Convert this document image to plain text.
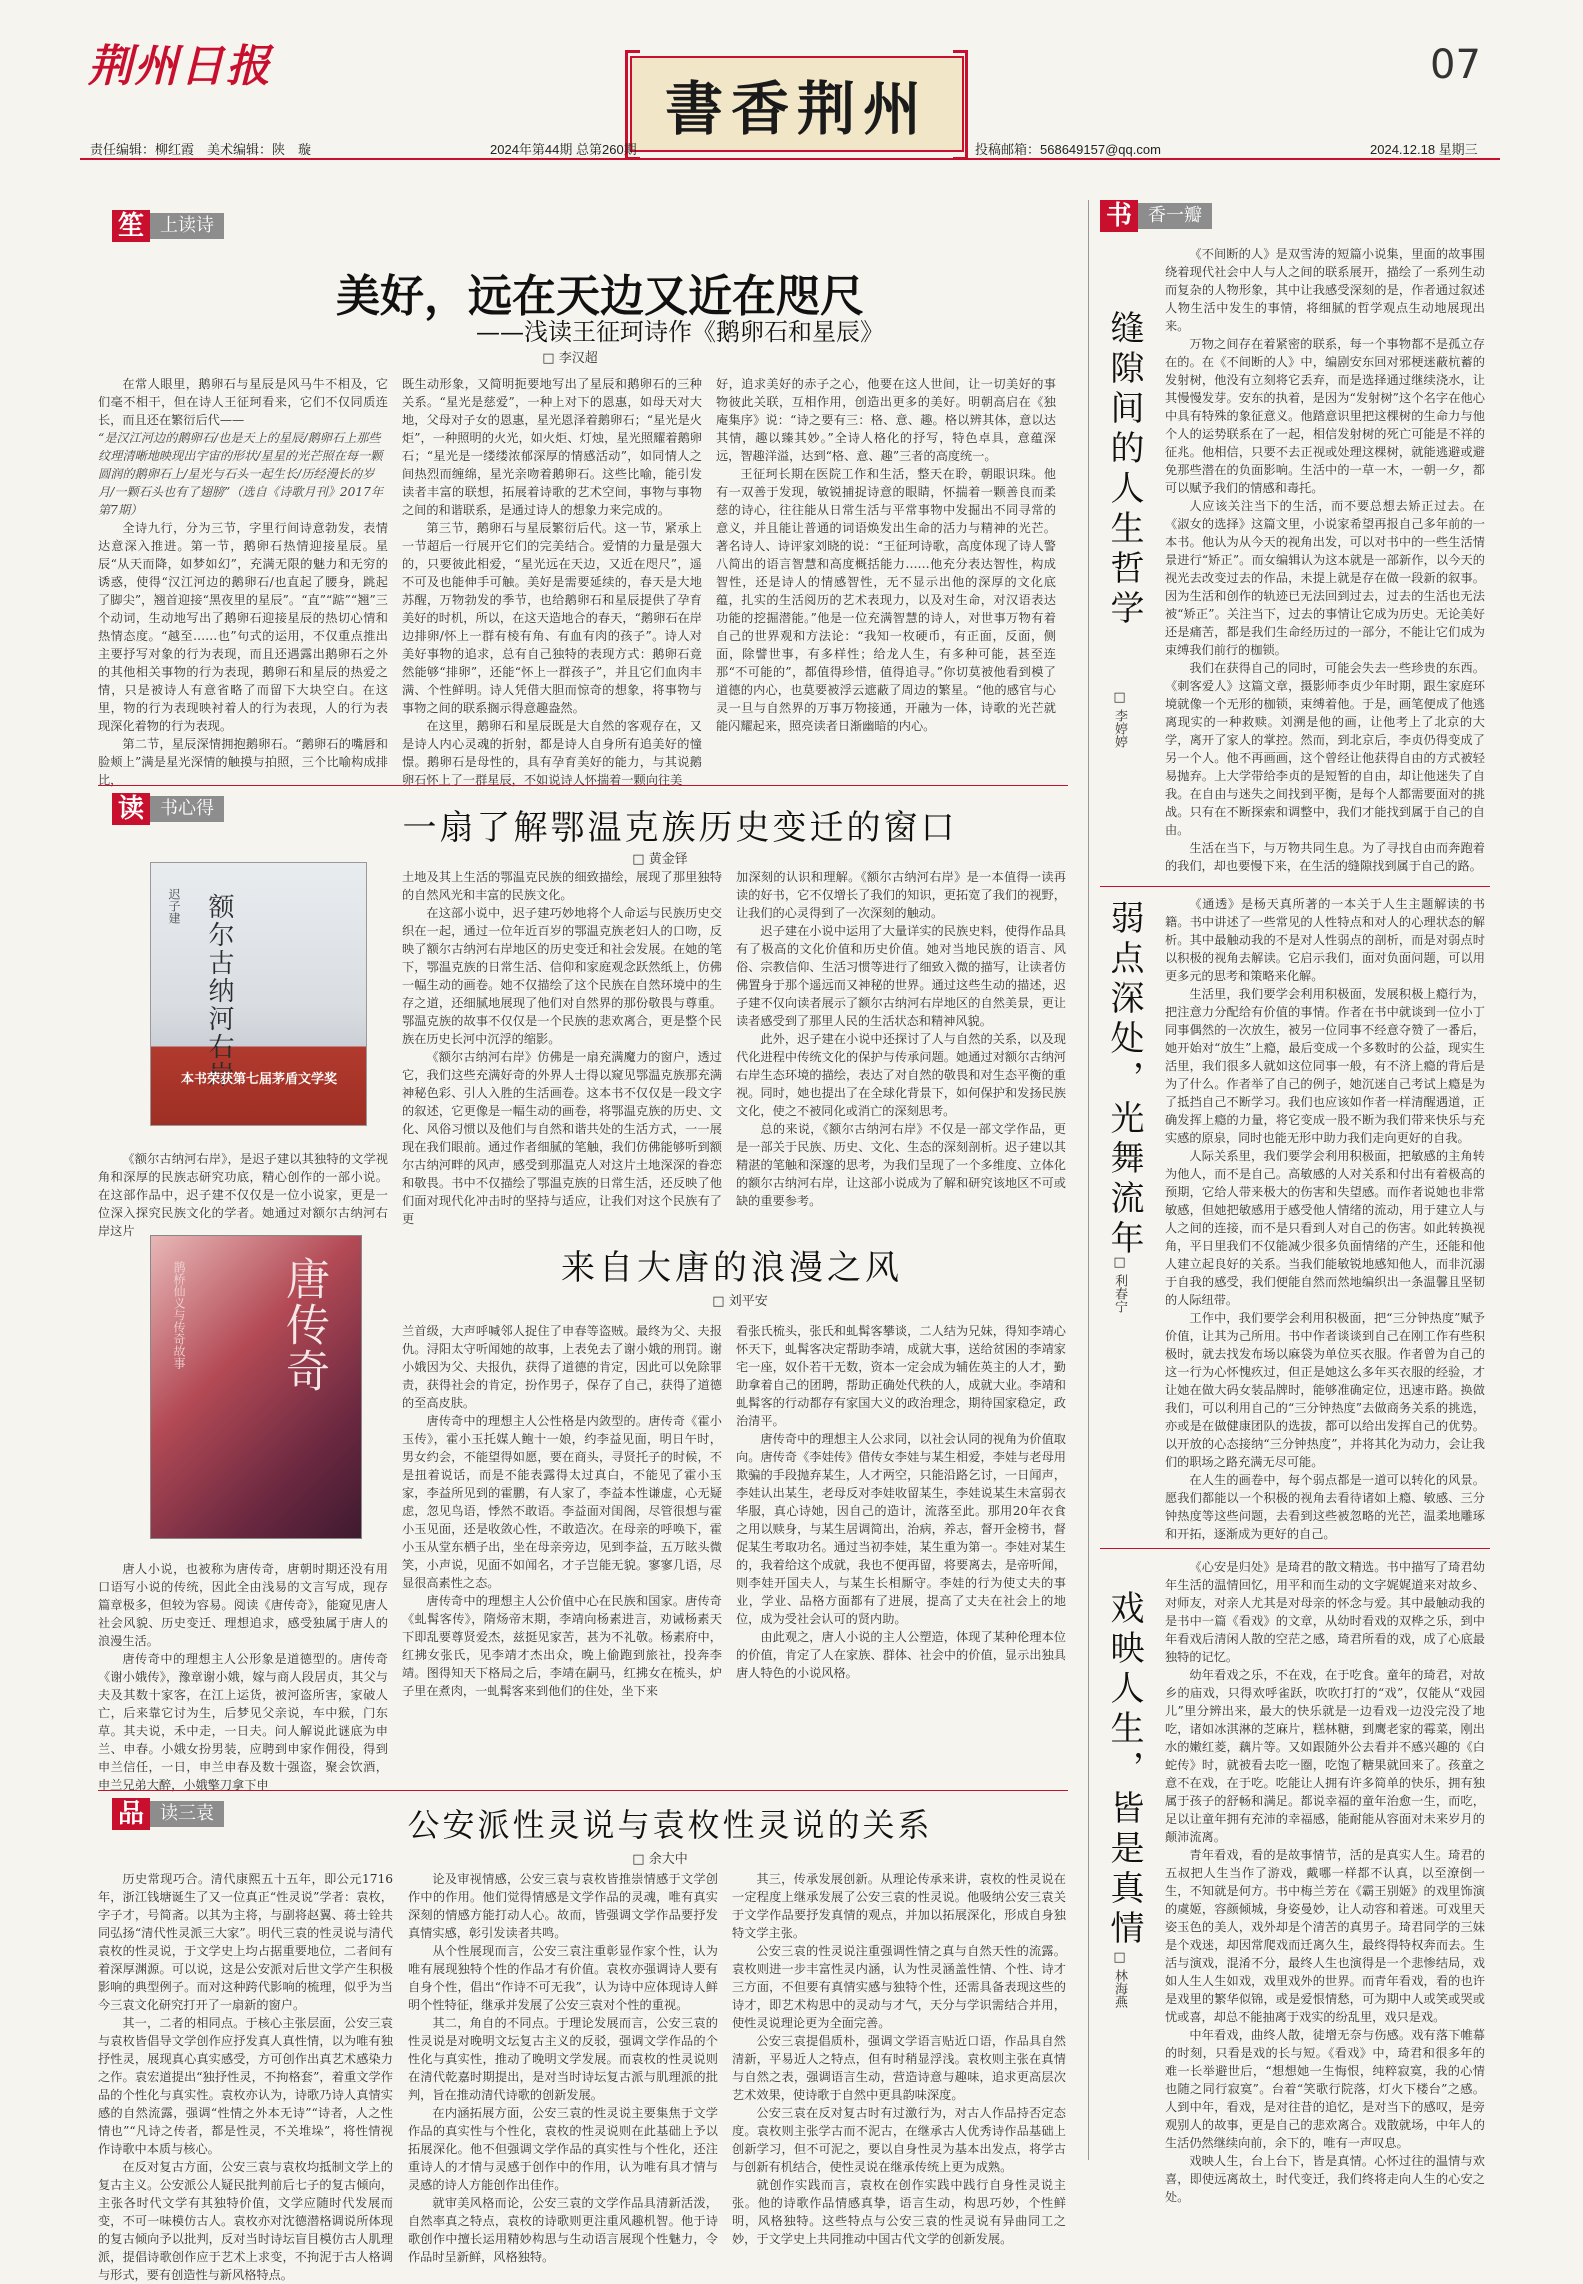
荆州日报
書香荆州
07
责任编辑：柳红霞　美术编辑：陕　璇	2024年第44期 总第260期	投稿邮箱：568649157@qq.com	2024.12.18 星期三
笙 上读诗
美好，远在天边又近在咫尺
——浅读王征珂诗作《鹅卵石和星辰》
□ 李汉超

在常人眼里，鹅卵石与星辰是风马牛不相及，它们毫不相干，但在诗人王征珂看来，它们不仅同质连长，而且还在繁衍后代——

“是汉江河边的鹅卵石/也是天上的星辰/鹅卵石上那些纹理清晰地映现出宇宙的形状/星星的光芒照在每一颗圆润的鹅卵石上/星光与石头一起生长/历经漫长的岁月/一颗石头也有了翅膀”（选自《诗歌月刊》2017年第7期）

全诗九行，分为三节，字里行间诗意勃发，表情达意深入推进。第一节，鹅卵石热情迎接星辰。星辰“从天而降，如梦如幻”，充满无限的魅力和无穷的诱惑，使得“汉江河边的鹅卵石/也直起了腰身，跳起了脚尖”，翘首迎接“黑夜里的星辰”。“直”“踮”“翘”三个动词，生动地写出了鹅卵石迎接星辰的热切心情和热情态度。“越至……也”句式的运用，不仅重点推出主要抒写对象的行为表现，而且还遇露出鹅卵石之外的其他相关事物的行为表现，鹅卵石和星辰的热爱之情，只是被诗人有意省略了而留下大块空白。在这里，物的行为表现映衬着人的行为表现，人的行为表现深化着物的行为表现。

第二节，星辰深情拥抱鹅卵石。“鹅卵石的嘴唇和脸颊上”满是星光深情的触摸与拍照，三个比喻构成排比，

既生动形象，又简明扼要地写出了星辰和鹅卵石的三种关系。“星光是慈爱”，一种上对下的恩惠，如母天对大地，父母对子女的恩惠，星光恩泽着鹅卵石；“星光是火炬”，一种照明的火光，如火炬、灯烛，星光照耀着鹅卵石；“星光是一缕缕浓郁深厚的情感活动”，如同情人之间热烈而缠绵，星光亲吻着鹅卵石。这些比喻，能引发读者丰富的联想，拓展着诗歌的艺术空间，事物与事物之间的和谐联系，是通过诗人的想象力来完成的。

第三节，鹅卵石与星辰繁衍后代。这一节，紧承上一节超后一行展开它们的完美结合。爱情的力量是强大的，只要彼此相爱，“星光远在天边，又近在咫尺”，遥不可及也能伸手可触。美好是需要延续的，春天是大地苏醒，万物勃发的季节，也给鹅卵石和星辰提供了孕育美好的时机，所以，在这天造地合的春天，“鹅卵石在岸边排卵/怀上一群有棱有角、有血有肉的孩子”。诗人对美好事物的追求，总有自己独特的表现方式：鹅卵石竟然能够“排卵”，还能“怀上一群孩子”，并且它们血肉丰满、个性鲜明。诗人凭借大胆而惊奇的想象，将事物与事物之间的联系搁示得意趣盎然。

在这里，鹅卵石和星辰既是大自然的客观存在，又是诗人内心灵魂的折射，都是诗人自身所有追美好的憧憬。鹅卵石是母性的，具有孕育美好的能力，与其说鹅卵石怀上了一群星辰，不如说诗人怀揣着一颗向往美

好，追求美好的赤子之心，他要在这人世间，让一切美好的事物彼此关联，互相作用，创造出更多的美好。明朝高启在《独庵集序》说：“诗之要有三：格、意、趣。格以辨其体，意以达其情，趣以臻其妙。”全诗人格化的抒写，特色卓具，意蕴深远，智趣洋溢，达到“格、意、趣”三者的高度统一。

王征珂长期在医院工作和生活，整天在聆，朝眼识珠。他有一双善于发现，敏锐捕捉诗意的眼睛，怀揣着一颗善良而柔慈的诗心，往往能从日常生活与平常事物中发掘出不同寻常的意义，并且能让普通的词语焕发出生命的活力与精神的光芒。著名诗人、诗评家刘晓的说：“王征珂诗歌，高度体现了诗人警八简出的语言智慧和高度概括能力……他充分表达智性，构成智性，还是诗人的情感智性，无不显示出他的深厚的文化底蕴，扎实的生活阅历的艺术表现力，以及对生命，对汉语表达功能的挖掘潜能。”他是一位充满智慧的诗人，对世事万物有着自己的世界观和方法论：“我知一枚硬币，有正面，反面，侧面，除譬世事，有多样性；给龙人生，有多种可能，甚至连那“不可能的”，都值得珍惜，值得追寻。”你切莫被他看到模了道德的内心，也莫要被浮云遮蔽了周边的繁星。“他的感官与心灵一旦与自然界的万事万物接通，开融为一体，诗歌的光芒就能闪耀起来，照亮读者日渐幽暗的内心。

读 书心得	一扇了解鄂温克族历史变迁的窗口
□ 黄金铎
额尔古纳河右岸
迟子建
本书荣获第七届茅盾文学奖

《额尔古纳河右岸》，是迟子建以其独特的文学视角和深厚的民族志研究功底，精心创作的一部小说。在这部作品中，迟子建不仅仅是一位小说家，更是一位深入探究民族文化的学者。她通过对额尔古纳河右岸这片

土地及其上生活的鄂温克民族的细致描绘，展现了那里独特的自然风光和丰富的民族文化。

在这部小说中，迟子建巧妙地将个人命运与民族历史交织在一起，通过一位年近百岁的鄂温克族老妇人的口吻，反映了额尔古纳河右岸地区的历史变迁和社会发展。在她的笔下，鄂温克族的日常生活、信仰和家庭观念跃然纸上，仿佛一幅生动的画卷。她不仅描绘了这个民族在自然环境中的生存之道，还细腻地展现了他们对自然界的那份敬畏与尊重。鄂温克族的故事不仅仅是一个民族的悲欢离合，更是整个民族在历史长河中沉浮的缩影。

《额尔古纳河右岸》仿佛是一扇充满魔力的窗户，透过它，我们这些充满好奇的外界人士得以窥见鄂温克族那充满神秘色彩、引人入胜的生活画卷。这本书不仅仅是一段文字的叙述，它更像是一幅生动的画卷，将鄂温克族的历史、文化、风俗习惯以及他们与自然和谐共处的生活方式，一一展现在我们眼前。通过作者细腻的笔触，我们仿佛能够听到额尔古纳河畔的风声，感受到那温克人对这片土地深深的眷恋和敬畏。书中不仅描绘了鄂温克族的日常生活，还反映了他们面对现代化冲击时的坚持与适应，让我们对这个民族有了更

加深刻的认识和理解。《额尔古纳河右岸》是一本值得一读再读的好书，它不仅增长了我们的知识，更拓宽了我们的视野，让我们的心灵得到了一次深刻的触动。

迟子建在小说中运用了大量详实的民族史料，使得作品具有了极高的文化价值和历史价值。她对当地民族的语言、风俗、宗教信仰、生活习惯等进行了细致入微的描写，让读者仿佛置身于那个遥远而又神秘的世界。通过这些生动的描述，迟子建不仅向读者展示了额尔古纳河右岸地区的自然美景，更让读者感受到了那里人民的生活状态和精神风貌。

此外，迟子建在小说中还探讨了人与自然的关系，以及现代化进程中传统文化的保护与传承问题。她通过对额尔古纳河右岸生态环境的描绘，表达了对自然的敬畏和对生态平衡的重视。同时，她也提出了在全球化背景下，如何保护和发扬民族文化，使之不被同化或消亡的深刻思考。

总的来说，《额尔古纳河右岸》不仅是一部文学作品，更是一部关于民族、历史、文化、生态的深刻剖析。迟子建以其精湛的笔触和深邃的思考，为我们呈现了一个多维度、立体化的额尔古纳河右岸，让这部小说成为了解和研究该地区不可或缺的重要参考。

来自大唐的浪漫之风
□ 刘平安
唐传奇
鹊桥仙义与传奇故事

唐人小说，也被称为唐传奇，唐朝时期还没有用口语写小说的传统，因此全由浅易的文言写成，现存篇章极多，但较为容易。阅读《唐传奇》，能窥见唐人社会风貌、历史变迁、理想追求，感受独属于唐人的浪漫生活。

唐传奇中的理想主人公形象是道德型的。唐传奇《谢小娥传》，豫章谢小娥，嫁与商人段居贞，其父与夫及其数十家客，在江上运货，被河盗所害，家破人亡，后来靠它讨为生，后梦见父亲说，车中猴，门东草。其夫说，禾中走，一日夫。问人解说此谜底为申兰、申春。小娥女扮男装，应聘到申家作佣役，得到申兰信任，一日，申兰申春及数十强盗，聚会饮酒，申兰兄弟大醉，小娥擎刀拿下申

兰首级，大声呼喊邻人捉住了申春等盗贼。最终为父、夫报仇。浔阳太守听闻她的故事，上表免去了谢小娥的刑罚。谢小娥因为父、夫报仇，获得了道德的肯定，因此可以免除罪责，获得社会的肯定，扮作男子，保存了自己，获得了道德的至高皮肤。

唐传奇中的理想主人公性格是内敛型的。唐传奇《霍小玉传》，霍小玉托媒人鲍十一娘，约李益见面，明日午时，男女约会，不能望得如愿，要在商头，寻贤托子的时候，不是扭着说话，而是不能表露得太过真白，不能见了霍小玉家，李益所见到的霍鹏，有人家了，李益本性谦虚，心无疑虑，忽见鸟语，悸然不敢语。李益面对闺阁，尽管很想与霍小玉见面，还是收敛心性，不敢造次。在母亲的呼唤下，霍小玉从堂东栖子出，坐在母亲旁边，见到李益，五万眩头微笑，小声说，见面不如闻名，才子岂能无貌。寥寥几语，尽显很高素性之态。

唐传奇中的理想主人公价值中心在民族和国家。唐传奇《虬髯客传》，隋炀帝末期，李靖向杨素进言，劝诫杨素天下即乱要尊贤爱杰，兹挺见家苦，甚为不礼敬。杨素府中，红拂女张氏，见李靖才杰出众，晚上偷跑到旅社，投奔李靖。图得知天下格局之后，李靖在嗣马，红拂女在梳头，炉子里在煮肉，一虬髯客来到他们的住处，坐下来

看张氏梳头，张氏和虬髯客攀谈，二人结为兄妹，得知李靖心怀天下，虬髯客决定帮助李靖，成就大事，送给贫困的李靖家宅一座，奴仆若干无数，资本一定会成为辅佐英主的人才，勤助拿着自己的团聘，帮助正确处代秩的人，成就大业。李靖和虬髯客的行动都存有家国大义的政治理念，期待国家稳定，政治清平。

唐传奇中的理想主人公求同，以社会认同的视角为价值取向。唐传奇《李娃传》借传女李娃与某生相爱，李娃与老母用欺骗的手段抛弃某生，人才两空，只能沿路乞讨，一日闻声，李娃认出某生，老母反对李娃收留某生，李娃说某生未富弱衣华服，真心诗她，因自己的造计，流落至此。那用20年衣食之用以赎身，与某生居调简出，治病，养志，督开金榜书，督促某生考取功名。通过当初李娃，某生重为第一。李娃对某生的，我着给这个成就，我也不便再留，将要离去，是帝听闻，则李娃开国夫人，与某生长相厮守。李娃的行为使丈夫的事业，学业、品格方面都有了进展，提高了丈夫在社会上的地位，成为受社会认可的贤内助。

由此观之，唐人小说的主人公塑造，体现了某种伦理本位的价值，肯定了人在家族、群体、社会中的价值，显示出独具唐人特色的小说风格。

品 读三袁	公安派性灵说与袁枚性灵说的关系
□ 余大中

历史常现巧合。清代康熙五十五年，即公元1716年，浙江钱塘诞生了又一位真正“性灵说”学者：袁枚，字子才，号简斋。以其为主将，与副将赵翼、蒋士铨共同弘扬“清代性灵派三大家”。明代三袁的性灵说与清代袁枚的性灵说，于文学史上均占据重要地位，二者间有着深厚渊源。可以说，这是公安派对后世文学产生积极影响的典型例子。而对这种跨代影响的梳理，似乎为当今三袁文化研究打开了一扇新的窗户。

其一，二者的相同点。于核心主张层面，公安三袁与袁枚皆倡导文学创作应抒发真人真性情，以为唯有独抒性灵，展现真心真实感受，方可创作出真艺术感染力之作。袁宏道提出“独抒性灵，不拘格套”，着重文学作品的个性化与真实性。袁枚亦认为，诗歌乃诗人真情实感的自然流露，强调“性情之外本无诗”“诗者，人之性情也”“凡诗之传者，都是性灵，不关堆垛”，将性情视作诗歌中本质与核心。

在反对复古方面，公安三袁与袁枚均抵制文学上的复古主义。公安派公人疑民批判前后七子的复古倾向，主张各时代文学有其独特价值，文学应随时代发展而变，不可一味模仿古人。袁枚亦对沈德潜格调说所体现的复古倾向予以批判，反对当时诗坛盲目模仿古人肌理派，提倡诗歌创作应于艺术上求变，不拘泥于古人格调与形式，要有创造性与新风格特点。

论及审视情感，公安三袁与袁枚皆推崇情感于文学创作中的作用。他们觉得情感是文学作品的灵魂，唯有真实深刻的情感方能打动人心。故而，皆强调文学作品要抒发真情实感，彰引发读者共鸣。

从个性展现而言，公安三袁注重彰显作家个性，认为唯有展现独特个性的作品才有价值。袁枚亦强调诗人要有自身个性，倡出“作诗不可无我”，认为诗中应体现诗人鲜明个性特征，继承并发展了公安三袁对个性的重视。

其二，角自的不同点。于理论发展而言，公安三袁的性灵说是对晚明文坛复古主义的反驳，强调文学作品的个性化与真实性，推动了晚明文学发展。而袁枚的性灵说则在清代乾嘉时期提出，是对当时诗坛复古派与肌理派的批判，旨在推动清代诗歌的创新发展。

在内涵拓展方面，公安三袁的性灵说主要集焦于文学作品的真实性与个性化，袁枚的性灵说则在此基础上予以拓展深化。他不但强调文学作品的真实性与个性化，还注重诗人的才情与灵感于创作中的作用，认为唯有具才情与灵感的诗人方能创作出佳作。

就审美风格而论，公安三袁的文学作品具清新活泼，自然率真之特点，袁枚的诗歌则更注重风趣机智。他于诗歌创作中擅长运用精妙构思与生动语言展现个性魅力，令作品时呈新鲜，风格独特。

其三，传承发展创新。从理论传承来讲，袁枚的性灵说在一定程度上继承发展了公安三袁的性灵说。他吸纳公安三袁关于文学作品要抒发真情的观点，并加以拓展深化，形成自身独特文学主张。

公安三袁的性灵说注重强调性情之真与自然天性的流露。袁枚则进一步丰富性灵内涵，认为性灵涵盖性情、个性、诗才三方面，不但要有真情实感与独特个性，还需具备表现这些的诗才，即艺术构思中的灵动与才气，天分与学识需结合并用，使性灵说理论更为全面完善。

公安三袁提倡质朴，强调文学语言贴近口语，作品具自然清新，平易近人之特点，但有时稍显浮浅。袁枚则主张在真情与自然之表，强调语言生动，营造诗意与趣味，追求更高层次艺术效果，使诗歌于自然中更具韵味深度。

公安三袁在反对复古时有过激行为，对古人作品持否定态度。袁枚则主张学古而不泥古，在继承古人优秀诗作品基础上创新学习，但不可泥之，要以自身性灵为基本出发点，将学古与创新有机结合，使性灵说在继承传统上更为成熟。

就创作实践而言，袁枚在创作实践中践行自身性灵说主张。他的诗歌作品情感真挚，语言生动，构思巧妙，个性鲜明，风格独特。这些特点与公安三袁的性灵说有异曲同工之妙，于文学史上共同推动中国古代文学的创新发展。

书 香一瓣
缝隙间的人生哲学
□ 李婷婷

《不间断的人》是双雪涛的短篇小说集，里面的故事围绕着现代社会中人与人之间的联系展开，描绘了一系列生动而复杂的人物形象，其中让我感受深刻的是，作者通过叙述人物生活中发生的事情，将细腻的哲学观点生动地展现出来。

万物之间存在着紧密的联系，每一个事物都不是孤立存在的。在《不间断的人》中，编剧安东回对邪梗迷蔽杭蓄的发射树，他没有立刻将它丢弃，而是选择通过继续浇水，让其慢慢发芽。安东的执着，是因为“发射树”这个名字在他心中具有特殊的象征意义。他踏意识里把这棵树的生命力与他个人的运势联系在了一起，相信发射树的死亡可能是不祥的征兆。他相信，只要不去正视或处理这棵树，就能逃避或避免那些潜在的负面影响。生活中的一草一木，一朝一夕，都可以赋予我们的情感和毒托。

人应该关注当下的生活，而不要总想去矫正过去。在《淑女的选择》这篇文里，小说家希望再报自己多年前的一本书。他认为从今天的视角出发，可以对书中的一些生活情景进行“矫正”。而女编辑认为这本就是一部新作，以今天的视光去改变过去的作品，未提上就是存在做一段新的叙事。因为生活和创作的轨迹已无法回到过去，过去的生活也无法被“矫正”。关注当下，过去的事情让它成为历史。无论美好还是痛苦，都是我们生命经历过的一部分，不能让它们成为束缚我们前行的枷锁。

我们在获得自己的同时，可能会失去一些珍贵的东西。《刺客爱人》这篇文章，摄影师李贞少年时期，跟生家庭环境就像一个无形的枷锁，束缚着他。于是，画笔便成了他逃离现实的一种救赎。刘溯是他的画，让他考上了北京的大学，离开了家人的掌控。然而，到北京后，李贞仍得变成了另一个人。他不再画画，这个曾经让他获得自由的方式被轻易抛弃。上大学带给李贞的是短暂的自由，却让他迷失了自我。在自由与迷失之间找到平衡，是每个人都需要面对的挑战。只有在不断探索和调整中，我们才能找到属于自己的自由。

生活在当下，与万物共同生息。为了寻找自由而奔跑着的我们，却也要慢下来，在生活的缝隙找到属于自己的路。

弱点深处，光舞流年
□ 利春宁

《通透》是杨天真所著的一本关于人生主题解读的书籍。书中讲述了一些常见的人性特点和对人的心理状态的解析。其中最触动我的不是对人性弱点的剖析，而是对弱点时以积极的视角去解读。它启示我们，面对负面问题，可以用更多元的思考和策略来化解。

生活里，我们要学会利用积极面，发展积极上瘾行为，把注意力分配给有价值的事情。作者在书中就谈到一位小丁同事偶然的一次放生，被另一位同事不经意夺赞了一番后，她开始对“放生”上瘾，最后变成一个多数时的公益，现实生活里，我们很多人就如这位同事一般，有不济上瘾的背后是为了什么。作者举了自己的例子，她沉迷自己考试上瘾是为了抵挡自己不断学习。我们也应该如作者一样清醒遇道，正确发挥上瘾的力量，将它变成一股不断为我们带来快乐与充实感的原泉，同时也能无形中助力我们走向更好的自我。

人际关系里，我们要学会利用积极面，把敏感的主角转为他人，而不是自己。高敏感的人对关系和付出有着极高的预期，它给人带来极大的伤害和失望感。而作者说她也非常敏感，但她把敏感用于感受他人情绪的流动，用于建立人与人之间的连接，而不是只看到人对自己的伤害。如此转换视角，平日里我们不仅能减少很多负面情绪的产生，还能和他人建立起良好的关系。当我们能敏锐地感知他人，而非沉溺于自我的感受，我们便能自然而然地编织出一条温馨且坚韧的人际纽带。

工作中，我们要学会利用积极面，把“三分钟热度”赋予价值，让其为己所用。书中作者谈谈到自己在刚工作有些积极时，就去找发布场以麻袋为单位买衣服。作者曾为自己的这一行为心怀愧疚过，但正是她这么多年买衣服的经验，才让她在做大码女装品牌时，能够准确定位，迅速市路。换做我们，可以利用自己的“三分钟热度”去做商务关系的挑选，亦或是在做健康团队的选拔，都可以给出发挥自己的优势。以开放的心态接纳“三分钟热度”，并将其化为动力，会让我们的职场之路充满无尽可能。

在人生的画卷中，每个弱点都是一道可以转化的风景。愿我们都能以一个积极的视角去看待诸如上瘾、敏感、三分钟热度等这些问题，去看到这些被忽略的光芒，温柔地雕琢和开拓，逐渐成为更好的自己。

戏映人生，皆是真情
□ 林海燕

《心安是归处》是琦君的散文精选。书中描写了琦君幼年生活的温情回忆，用平和而生动的文字娓娓道来对故乡、对师友，对亲人尤其是对母亲的怀念与爱。其中最触动我的是书中一篇《看戏》的文章，从幼时看戏的双桦之乐，到中年看戏后清闲人散的空茫之感，琦君所看的戏，成了心底最独特的记忆。

幼年看戏之乐，不在戏，在于吃食。童年的琦君，对故乡的庙戏，只得欢呼雀跃，吹吹打打的“戏”，仅能从“戏园儿”里分辨出来，最大的快乐就是一边看戏一边没完没了地吃，诸如冰淇淋的芝麻片，糕林糖，到鹰老家的霉菜，刚出水的嫩红菱，藕片等。又如跟随外公去看并不感兴趣的《白蛇传》时，就被看去吃一圈，吃饱了糖果就回来了。孩童之意不在戏，在于吃。吃能让人拥有许多简单的快乐，拥有独属于孩子的舒畅和满足。都说幸福的童年治愈一生，而吃，足以让童年拥有充沛的幸福感，能耐能从容面对未来岁月的颠沛流离。

青年看戏，看的是故事情节，活的是真实人生。琦君的五叔把人生当作了游戏，戴哪一样都不认真，以至潦倒一生，不知就是何方。书中梅兰芳在《霸王别姬》的戏里饰演的虞姬，容颜倾城，身姿曼妙，让人动容和着迷。可戏里天姿玉色的美人，戏外却是个清苦的真男子。琦君同学的三妹是个戏迷，却因常爬戏而迁离久生，最终得特权奔而去。生活与演戏，混淆不分，最终人生也演得是一个悲惨结局，戏如人生人生如戏，戏里戏外的世界。而青年看戏，看的也许是戏里的繁华似锦，或是爱恨情愁，可为期中人或笑或哭或忧或喜，却总不能抽离于戏实的纷乱里，戏只是戏。

中年看戏，曲终人散，徒增无奈与伤感。戏有落下帷幕的时刻，只看是戏的长与短。《看戏》中，琦君和很多年的难一长举避世后，“想想她一生悔恨，纯粹寂寞，我的心情也随之同行寂寞”。台着“笑歌行院落，灯火下楼台”之感。人到中年，看戏，是对往昔的追忆，是对当下的感叹，是旁观别人的故事，更是自己的悲欢离合。戏散就场，中年人的生活仍然继续向前，余下的，唯有一声叹息。

戏映人生，台上台下，皆是真情。心怀过往的温情与欢喜，即使远离故土，时代变迁，我们终将走向人生的心安之处。
